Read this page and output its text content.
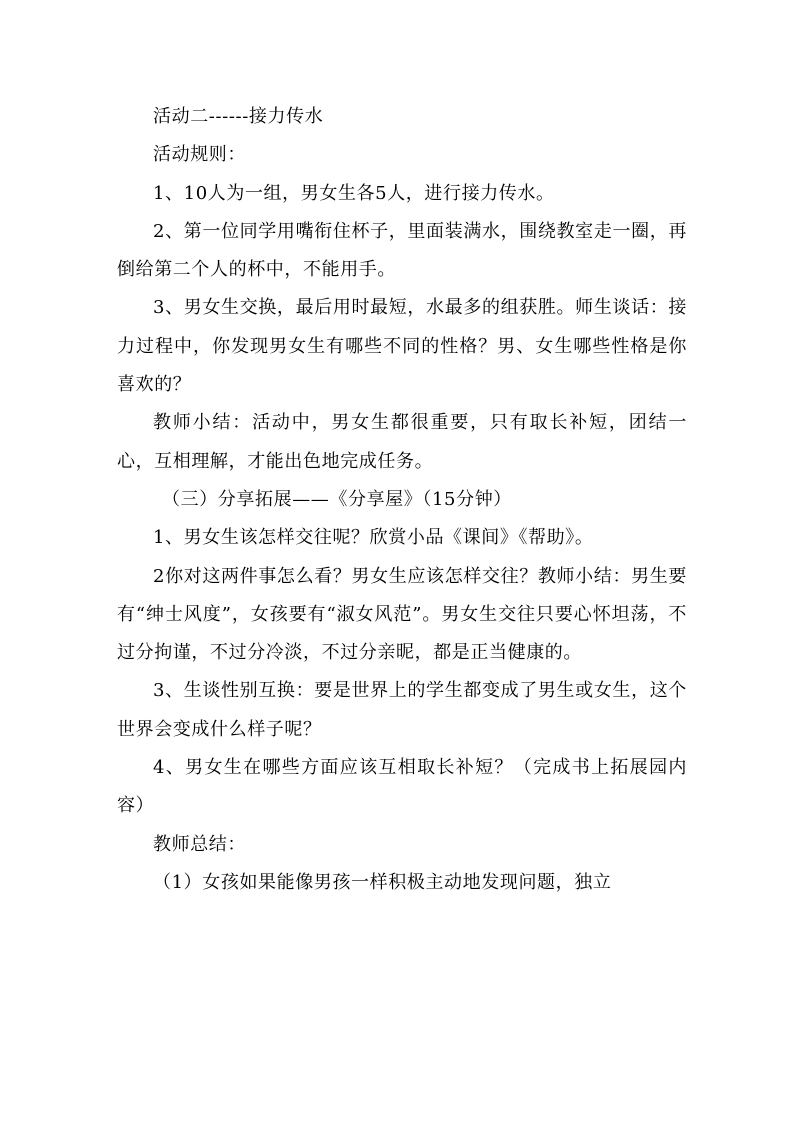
活动二------接力传水

活动规则：

1、10人为一组，男女生各5人，进行接力传水。

2、第一位同学用嘴衔住杯子，里面装满水，围绕教室走一圈，再倒给第二个人的杯中，不能用手。

3、男女生交换，最后用时最短，水最多的组获胜。师生谈话：接力过程中，你发现男女生有哪些不同的性格？男、女生哪些性格是你喜欢的？

教师小结：活动中，男女生都很重要，只有取长补短，团结一心，互相理解，才能出色地完成任务。

（三）分享拓展——《分享屋》（15分钟）

1、男女生该怎样交往呢？欣赏小品《课间》《帮助》。

2你对这两件事怎么看？男女生应该怎样交往？教师小结：男生要有“绅士风度”，女孩要有“淑女风范”。男女生交往只要心怀坦荡，不过分拘谨，不过分冷淡，不过分亲昵，都是正当健康的。

3、生谈性别互换：要是世界上的学生都变成了男生或女生，这个世界会变成什么样子呢？

4、男女生在哪些方面应该互相取长补短？（完成书上拓展园内容）

教师总结：

（1）女孩如果能像男孩一样积极主动地发现问题，独立
